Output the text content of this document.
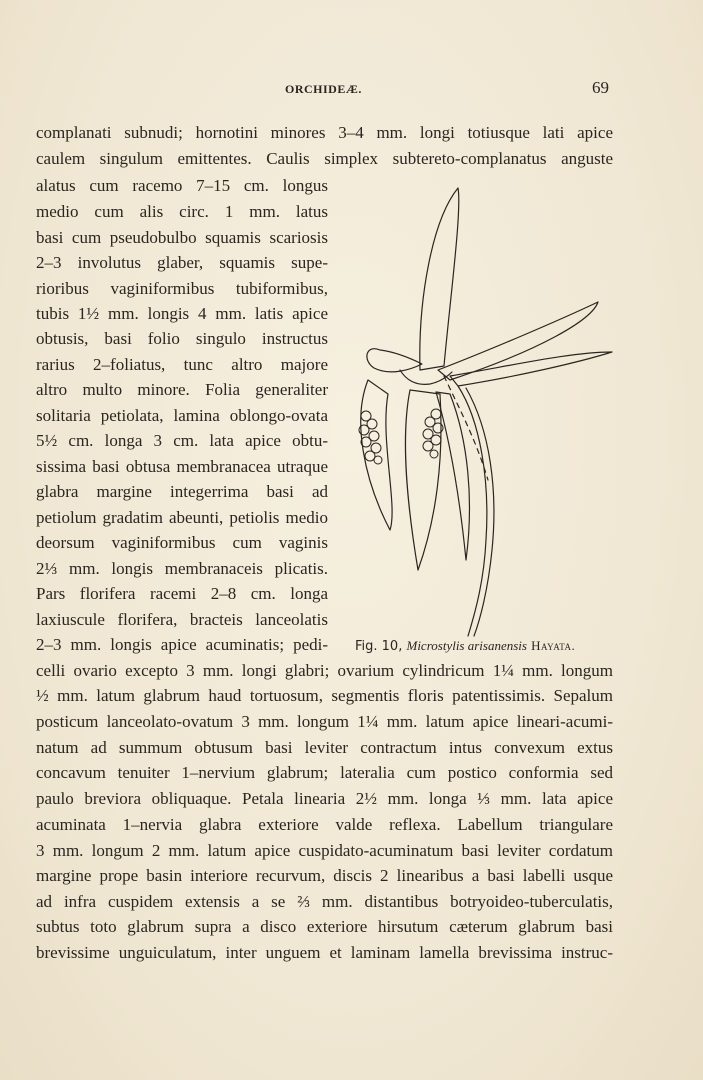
ORCHIDEÆ.	69
complanati subnudi; hornotini minores 3–4 mm. longi totiusque lati apice
caulem singulum emittentes. Caulis simplex subtereto-complanatus anguste
alatus cum racemo 7–15 cm. longus
medio cum alis circ. 1 mm. latus
basi cum pseudobulbo squamis scariosis
2–3 involutus glaber, squamis supe-
rioribus vaginiformibus tubiformibus,
tubis 1½ mm. longis 4 mm. latis apice
obtusis, basi folio singulo instructus
rarius 2–foliatus, tunc altro majore
altro multo minore. Folia generaliter
solitaria petiolata, lamina oblongo-ovata
5½ cm. longa 3 cm. lata apice obtu-
sissima basi obtusa membranacea utraque
glabra margine integerrima basi ad
petiolum gradatim abeunti, petiolis medio
deorsum vaginiformibus cum vaginis
2⅓ mm. longis membranaceis plicatis.
Pars florifera racemi 2–8 cm. longa
laxiuscule florifera, bracteis lanceolatis
2–3 mm. longis apice acuminatis; pedi- Fig. 10, Microstylis arisanensis Hayata.
celli ovario excepto 3 mm. longi glabri; ovarium cylindricum 1¼ mm. longum
½ mm. latum glabrum haud tortuosum, segmentis floris patentissimis. Sepalum
posticum lanceolato-ovatum 3 mm. longum 1¼ mm. latum apice lineari-acumi-
natum ad summum obtusum basi leviter contractum intus convexum extus
concavum tenuiter 1–nervium glabrum; lateralia cum postico conformia sed
paulo breviora obliquaque. Petala linearia 2½ mm. longa ⅓ mm. lata apice
acuminata 1–nervia glabra exteriore valde reflexa. Labellum triangulare
3 mm. longum 2 mm. latum apice cuspidato-acuminatum basi leviter cordatum
margine prope basin interiore recurvum, discis 2 linearibus a basi labelli usque
ad infra cuspidem extensis a se ⅔ mm. distantibus botryoideo-tuberculatis,
subtus toto glabrum supra a disco exteriore hirsutum cæterum glabrum basi
brevissime unguiculatum, inter unguem et laminam lamella brevissima instruc-
